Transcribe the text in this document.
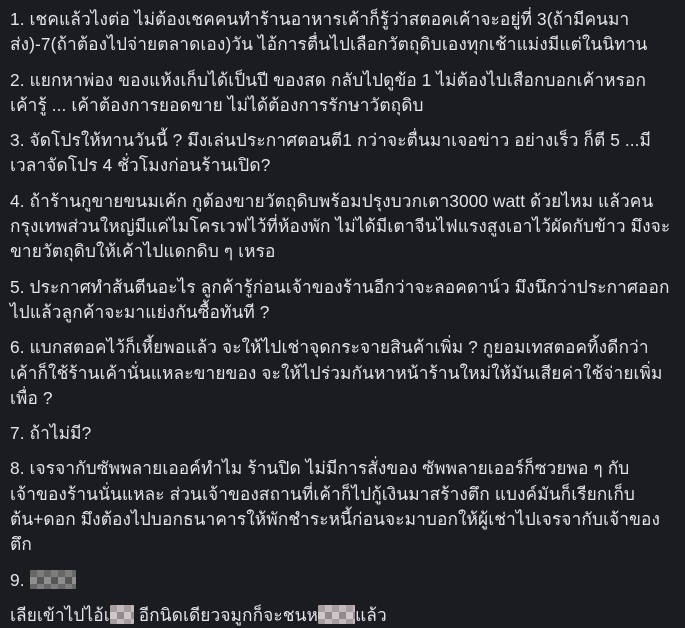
1. เชคแล้วไงต่อ ไม่ต้องเชคคนทำร้านอาหารเค้าก็รู้ว่าสตอคเค้าจะอยู่ที่ 3(ถ้ามีคนมาส่ง)-7(ถ้าต้องไปจ่ายตลาดเอง)วัน ไอ้การตื่นไปเลือกวัตถุดิบเองทุกเช้าแม่งมีแต่ในนิทาน

2. แยกหาพ่อง ของแห้งเก็บได้เป็นปี ของสด กลับไปดูข้อ 1 ไม่ต้องไปเสือกบอกเค้าหรอก เค้ารู้ ... เค้าต้องการยอดขาย ไม่ได้ต้องการรักษาวัตถุดิบ

3. จัดโปรให้ทานวันนี้ ? มึงเล่นประกาศตอนตี1 กว่าจะตื่นมาเจอข่าว อย่างเร็ว ก็ตี 5 ...มีเวลาจัดโปร 4 ชั่วโมงก่อนร้านเปิด?

4. ถ้าร้านกูขายขนมเค้ก กูต้องขายวัตถุดิบพร้อมปรุงบวกเตา3000 watt ด้วยไหม แล้วคนกรุงเทพส่วนใหญ่มีแค่ไมโครเวฟไว้ที่ห้องพัก ไม่ได้มีเตาจีนไฟแรงสูงเอาไว้ผัดกับข้าว มึงจะขายวัตถุดิบให้เค้าไปแดกดิบ ๆ เหรอ

5. ประกาศทำส้นตีนอะไร ลูกค้ารู้ก่อนเจ้าของร้านอีกว่าจะลอคดาน์ว มึงนึกว่าประกาศออกไปแล้วลูกค้าจะมาแย่งกันซื้อทันที ?

6. แบกสตอคไว้ก็เหี้ยพอแล้ว จะให้ไปเช่าจุดกระจายสินค้าเพิ่ม ? กูยอมเทสตอคทิ้งดีกว่า เค้าก็ใช้ร้านเค้านั่นแหละขายของ จะให้ไปร่วมกันหาหน้าร้านใหม่ให้มันเสียค่าใช้จ่ายเพิ่มเพื่อ ?

7. ถ้าไม่มี?

8. เจรจากับซัพพลายเออค์ทำไม ร้านปิด ไม่มีการสั่งของ ซัพพลายเออร์ก็ซวยพอ ๆ กับเจ้าของร้านนั่นแหละ ส่วนเจ้าของสถานที่เค้าก็ไปกู้เงินมาสร้างตึก แบงค์มันก็เรียกเก็บต้น+ดอก มึงต้องไปบอกธนาคารให้พักชำระหนี้ก่อนจะมาบอกให้ผู้เช่าไปเจรจากับเจ้าของตึก

9.

เลียเข้าไปไอ้เ อีกนิดเดียวจมูกก็จะชนห แล้ว
